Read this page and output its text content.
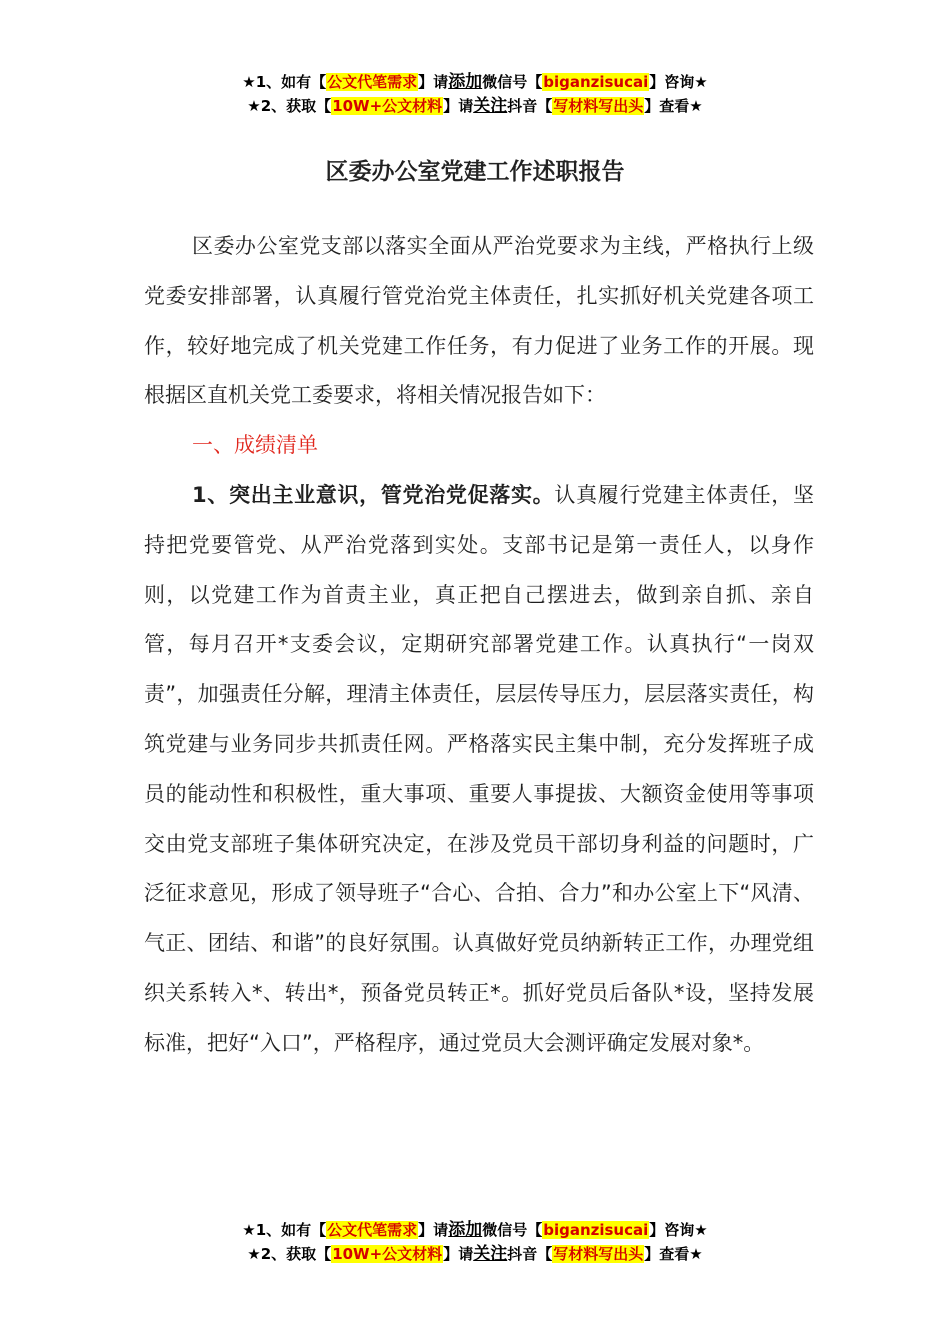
★1、如有【公文代笔需求】请添加微信号【biganzisucai】咨询★
★2、获取【10W+公文材料】请关注抖音【写材料写出头】查看★
区委办公室党建工作述职报告

区委办公室党支部以落实全面从严治党要求为主线，严格执行上级党委安排部署，认真履行管党治党主体责任，扎实抓好机关党建各项工作，较好地完成了机关党建工作任务，有力促进了业务工作的开展。现根据区直机关党工委要求，将相关情况报告如下：

一、成绩清单

1、突出主业意识，管党治党促落实。认真履行党建主体责任，坚持把党要管党、从严治党落到实处。支部书记是第一责任人，以身作则，以党建工作为首责主业，真正把自己摆进去，做到亲自抓、亲自管，每月召开*支委会议，定期研究部署党建工作。认真执行“一岗双责”，加强责任分解，理清主体责任，层层传导压力，层层落实责任，构筑党建与业务同步共抓责任网。严格落实民主集中制，充分发挥班子成员的能动性和积极性，重大事项、重要人事提拔、大额资金使用等事项交由党支部班子集体研究决定，在涉及党员干部切身利益的问题时，广泛征求意见，形成了领导班子“合心、合拍、合力”和办公室上下“风清、气正、团结、和谐”的良好氛围。认真做好党员纳新转正工作，办理党组织关系转入*、转出*，预备党员转正*。抓好党员后备队*设，坚持发展标准，把好“入口”，严格程序，通过党员大会测评确定发展对象*。

★1、如有【公文代笔需求】请添加微信号【biganzisucai】咨询★
★2、获取【10W+公文材料】请关注抖音【写材料写出头】查看★
